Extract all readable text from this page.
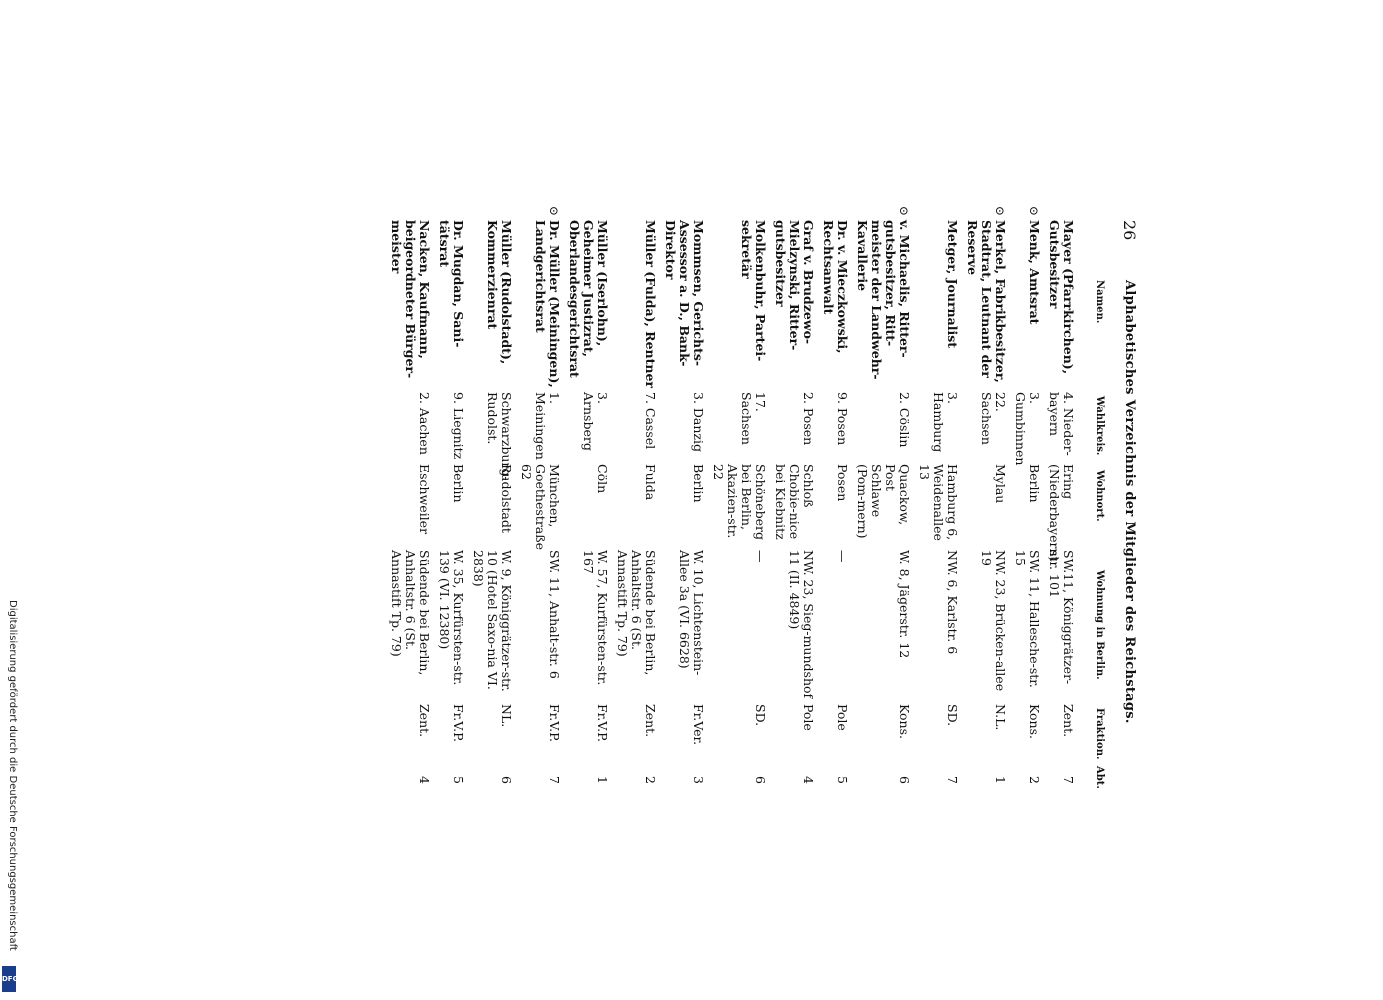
26
Alphabetisches Verzeichnis der Mitglieder des Reichstags.
Namen.
Wahlkreis.
Wohnort.
Wohnung in Berlin.
Fraktion.
Abt.
Mayer (Pfarrkirchen), Gutsbesitzer
4. Nieder-bayern
Ering (Niederbayern)
SW.11, Königgrätzer-str. 101
Zent.
7
⊙
Menk, Amtsrat
3. Gumbinnen
Berlin
SW. 11, Hallesche-str. 15
Kons.
2
⊙
Merkel, Fabrikbesitzer, Stadtrat, Leutnant der Reserve
22. Sachsen
Mylau
NW. 23, Brücken-allee 19
N.L.
1
Metger, Journalist
3. Hamburg
Hamburg 6, Weidenallee 13
NW. 6, Karlstr. 6
SD.
7
⊙
v. Michaelis, Ritter-gutsbesitzer, Ritt-meister der Landwehr-Kavallerie
2. Cöslin
Quackow, Post Schlawe (Pom-mern)
W. 8, Jägerstr. 12
Kons.
6
Dr. v. Mieczkowski, Rechtsanwalt
9. Posen
Posen
—
Pole
5
Graf v. Brudzewo-Mielzynski, Ritter-gutsbesitzer
2. Posen
Schloß Chobie-nice bei Kiebnitz
NW. 23, Sieg-mundshof 11 (II. 4849)
Pole
4
Molkenbuhr, Partei-sekretär
17. Sachsen
Schöneberg bei Berlin, Akazien-str. 22
—
SD.
6
Mommsen, Gerichts-Assessor a. D., Bank-Direktor
3. Danzig
Berlin
W. 10, Lichtenstein-Allee 3a (VI. 6628)
Fr.Ver.
3
Müller (Fulda), Rentner
7. Cassel
Fulda
Südende bei Berlin, Anhaltstr. 6 (St. Annastift Tp. 79)
Zent.
2
Müller (Iserlohn), Geheimer Justizrat, Oberlandesgerichtsrat
3. Arnsberg
Cöln
W. 57, Kurfürsten-str. 167
Fr.V.P.
1
⊙
Dr. Müller (Meiningen), Landgerichtsrat
1. Meiningen
München, Goethestraße 62
SW. 11, Anhalt-str. 6
Fr.V.P.
7
Müller (Rudolstadt), Kommerzienrat
Schwarzburg-Rudolst.
Rudolstadt
W. 9, Königgrätzer-str. 10 (Hotel Saxo-nia VI. 2838)
NL.
6
Dr. Mugdan, Sani-tätsrat
9. Liegnitz
Berlin
W. 35, Kurfürsten-str. 139 (VI. 12380)
Fr.V.P.
5
Nacken, Kaufmann, beigeordneter Bürger-meister
2. Aachen
Eschweiler
Südende bei Berlin, Anhaltstr. 6 (St. Annastift Tp. 79)
Zent.
4
Digitalisierung gefördert durch die Deutsche Forschungsgemeinschaft
DFG
